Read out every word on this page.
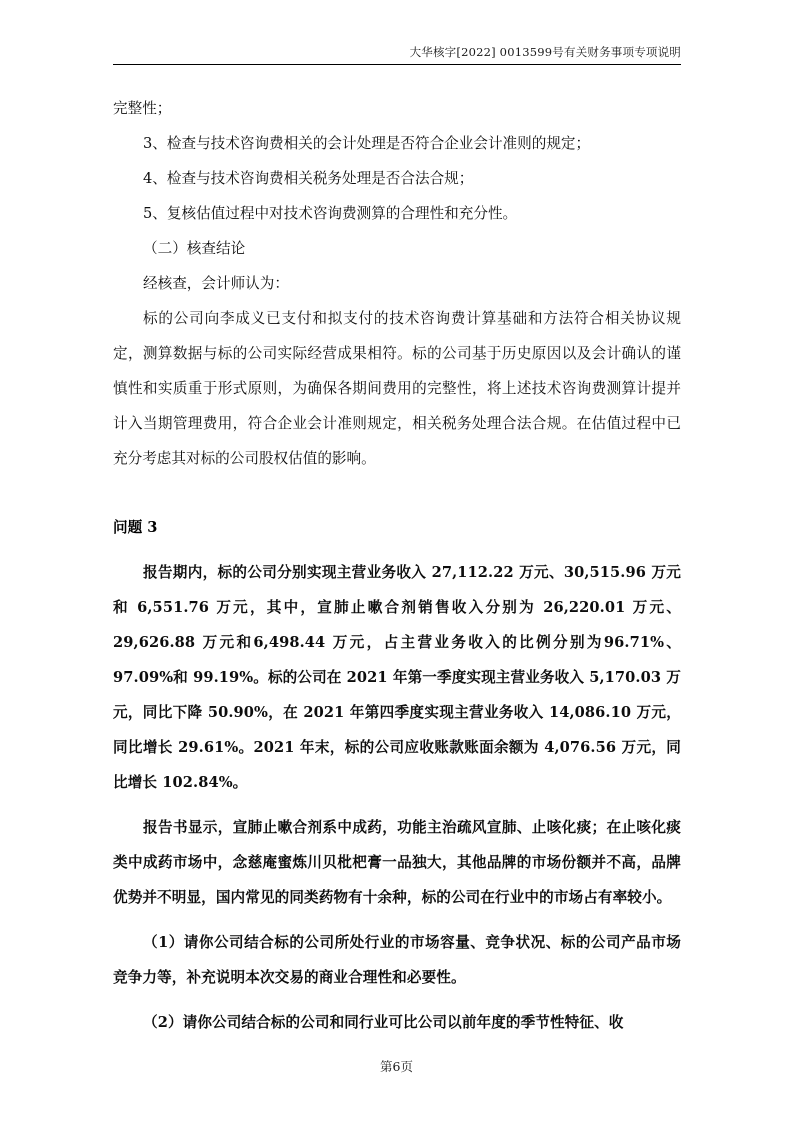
大华核字[2022] 0013599号有关财务事项专项说明

完整性；

3、检查与技术咨询费相关的会计处理是否符合企业会计准则的规定；

4、检查与技术咨询费相关税务处理是否合法合规；

5、复核估值过程中对技术咨询费测算的合理性和充分性。

（二）核查结论

经核查，会计师认为：

标的公司向李成义已支付和拟支付的技术咨询费计算基础和方法符合相关协议规定，测算数据与标的公司实际经营成果相符。标的公司基于历史原因以及会计确认的谨慎性和实质重于形式原则，为确保各期间费用的完整性，将上述技术咨询费测算计提并计入当期管理费用，符合企业会计准则规定，相关税务处理合法合规。在估值过程中已充分考虑其对标的公司股权估值的影响。

问题 3

报告期内，标的公司分别实现主营业务收入 27,112.22 万元、30,515.96 万元和 6,551.76 万元，其中，宣肺止嗽合剂销售收入分别为 26,220.01 万元、29,626.88 万元和6,498.44 万元，占主营业务收入的比例分别为96.71%、97.09%和 99.19%。标的公司在 2021 年第一季度实现主营业务收入 5,170.03 万元，同比下降 50.90%，在 2021 年第四季度实现主营业务收入 14,086.10 万元，同比增长 29.61%。2021 年末，标的公司应收账款账面余额为 4,076.56 万元，同比增长 102.84%。

报告书显示，宣肺止嗽合剂系中成药，功能主治疏风宣肺、止咳化痰；在止咳化痰类中成药市场中，念慈庵蜜炼川贝枇杷膏一品独大，其他品牌的市场份额并不高，品牌优势并不明显，国内常见的同类药物有十余种，标的公司在行业中的市场占有率较小。

（1）请你公司结合标的公司所处行业的市场容量、竞争状况、标的公司产品市场竞争力等，补充说明本次交易的商业合理性和必要性。

（2）请你公司结合标的公司和同行业可比公司以前年度的季节性特征、收

第6页
